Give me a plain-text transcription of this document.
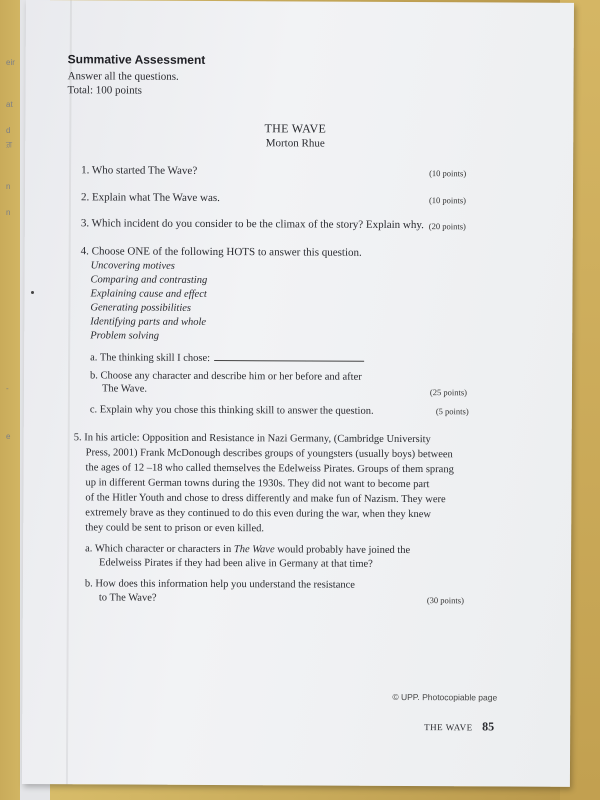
eir
at
d
ਗ਼
n
n
-
e
Summative Assessment
Answer all the questions.
Total: 100 points
THE WAVE
Morton Rhue
1. Who started The Wave?	(10 points)
2. Explain what The Wave was.	(10 points)
3. Which incident do you consider to be the climax of the story? Explain why. (20 points)
4. Choose ONE of the following HOTS to answer this question.
Uncovering motives
Comparing and contrasting
Explaining cause and effect
Generating possibilities
Identifying parts and whole
Problem solving
a. The thinking skill I chose:
b. Choose any character and describe him or her before and after
The Wave.	(25 points)
c. Explain why you chose this thinking skill to answer the question.	(5 points)
5. In his article: Opposition and Resistance in Nazi Germany, (Cambridge University
Press, 2001) Frank McDonough describes groups of youngsters (usually boys) between
the ages of 12 –18 who called themselves the Edelweiss Pirates. Groups of them sprang
up in different German towns during the 1930s. They did not want to become part
of the Hitler Youth and chose to dress differently and make fun of Nazism. They were
extremely brave as they continued to do this even during the war, when they knew
they could be sent to prison or even killed.
a. Which character or characters in The Wave would probably have joined the
Edelweiss Pirates if they had been alive in Germany at that time?
b. How does this information help you understand the resistance
to The Wave?	(30 points)
© UPP. Photocopiable page
THE WAVE 85
